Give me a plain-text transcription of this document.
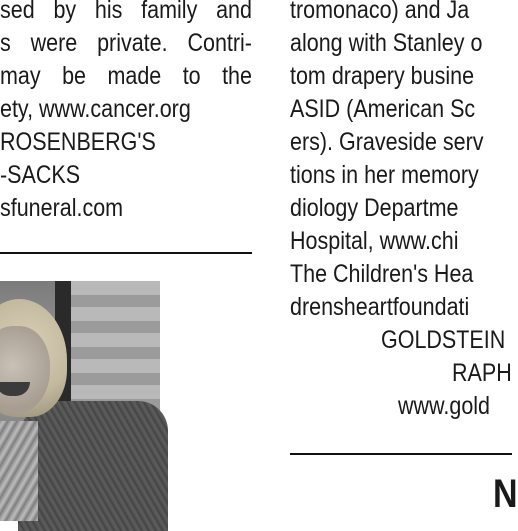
sed by his family and
s were private. Contri-
may be made to the
ety, www.cancer.org
ROSENBERG'S
-SACKS
sfuneral.com
tromonaco) and Ja
along with Stanley o
tom drapery busine
ASID (American Sc
ers). Graveside serv
tions in her memory
diology Departme
Hospital, www.chi
The Children's Hea
drensheartfoundati
GOLDSTEIN
RAPH
www.gold
N
